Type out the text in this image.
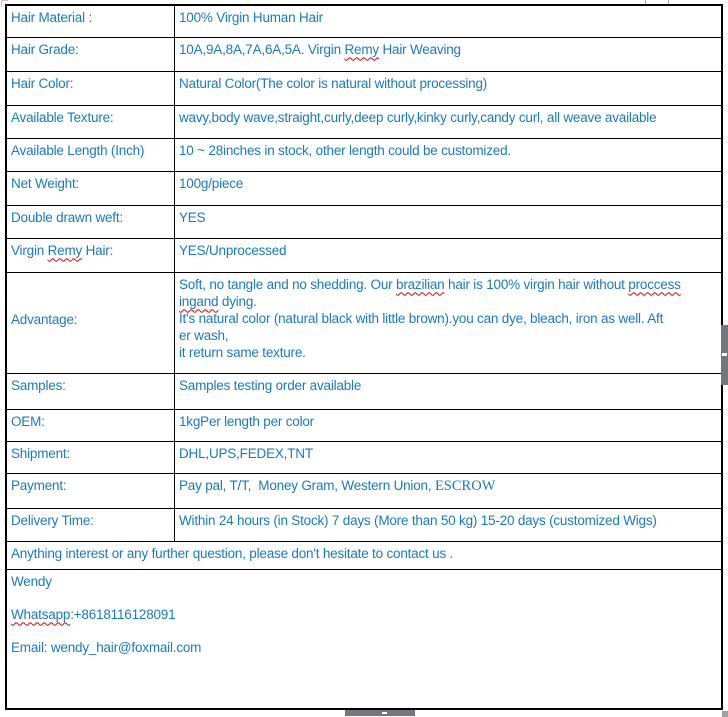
Hair Material :	100% Virgin Human Hair

Hair Grade:	10A,9A,8A,7A,6A,5A. Virgin Remy Hair Weaving

Hair Color:	Natural Color(The color is natural without processing)

Available Texture:	wavy,body wave,straight,curly,deep curly,kinky curly,candy curl, all weave available

Available Length (Inch)	10 ~ 28inches in stock, other length could be customized.

Net Weight:	100g/piece

Double drawn weft:	YES

Virgin Remy Hair:	YES/Unprocessed

Advantage:	Soft, no tangle and no shedding. Our brazilian hair is 100% virgin hair without proccess
ingand dying.
It's natural color (natural black with little brown).you can dye, bleach, iron as well. Aft
er wash,
it return same texture.

Samples:	Samples testing order available

OEM:	1kgPer length per color

Shipment:	DHL,UPS,FEDEX,TNT

Payment:	Pay pal, T/T,  Money Gram, Western Union, ESCROW

Delivery Time:	Within 24 hours (in Stock) 7 days (More than 50 kg) 15-20 days (customized Wigs)

Anything interest or any further question, please don't hesitate to contact us .	

Wendy

Whatsapp:+8618116128091

Email: wendy_hair@foxmail.com	
